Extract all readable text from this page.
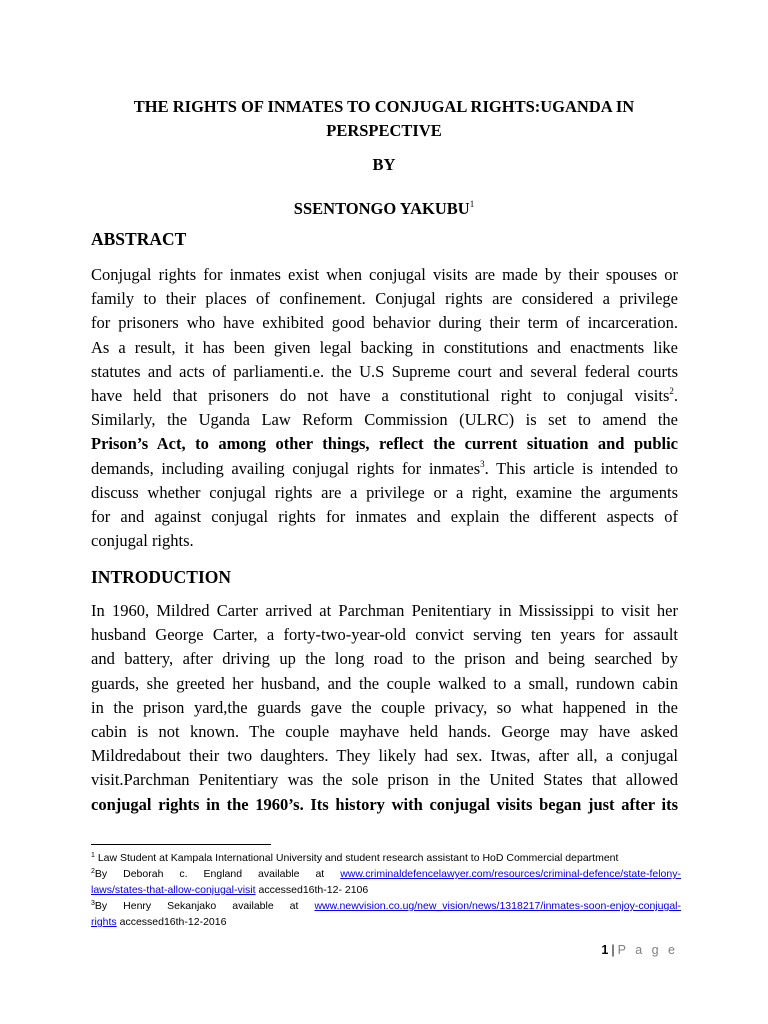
THE RIGHTS OF INMATES TO CONJUGAL RIGHTS:UGANDA IN
PERSPECTIVE
BY
SSENTONGO YAKUBU$^1$
ABSTRACT
Conjugal rights for inmates exist when conjugal visits are made by their spouses or
family to their places of confinement. Conjugal rights are considered a privilege
for prisoners who have exhibited good behavior during their term of incarceration.
As a result, it has been given legal backing in constitutions and enactments like
statutes and acts of parliamenti.e. the U.S Supreme court and several federal courts
have held that prisoners do not have a constitutional right to conjugal visits$^2$.
Similarly, the Uganda Law Reform Commission (ULRC) is set to amend the
Prison’s Act, to among other things, reflect the current situation and public
demands, including availing conjugal rights for inmates$^3$. This article is intended to
discuss whether conjugal rights are a privilege or a right, examine the arguments
for and against conjugal rights for inmates and explain the different aspects of
conjugal rights.
INTRODUCTION
In 1960, Mildred Carter arrived at Parchman Penitentiary in Mississippi to visit her
husband George Carter, a forty-two-year-old convict serving ten years for assault
and battery, after driving up the long road to the prison and being searched by
guards, she greeted her husband, and the couple walked to a small, rundown cabin
in the prison yard,the guards gave the couple privacy, so what happened in the
cabin is not known. The couple mayhave held hands. George may have asked
Mildredabout their two daughters. They likely had sex. Itwas, after all, a conjugal
visit.Parchman Penitentiary was the sole prison in the United States that allowed
conjugal rights in the 1960’s. Its history with conjugal visits began just after its

$^1$ Law Student at Kampala International University and student research assistant to HoD Commercial department

$^2$By Deborah c. England available at www.criminaldefencelawyer.com/resources/criminal-defence/state-felony-
laws/states-that-allow-conjugal-visit accessed16th-12- 2106

$^3$By Henry Sekanjako available at www.newvision.co.ug/new_vision/news/1318217/inmates-soon-enjoy-conjugal-
rights accessed16th-12-2016

1 | P a g e
